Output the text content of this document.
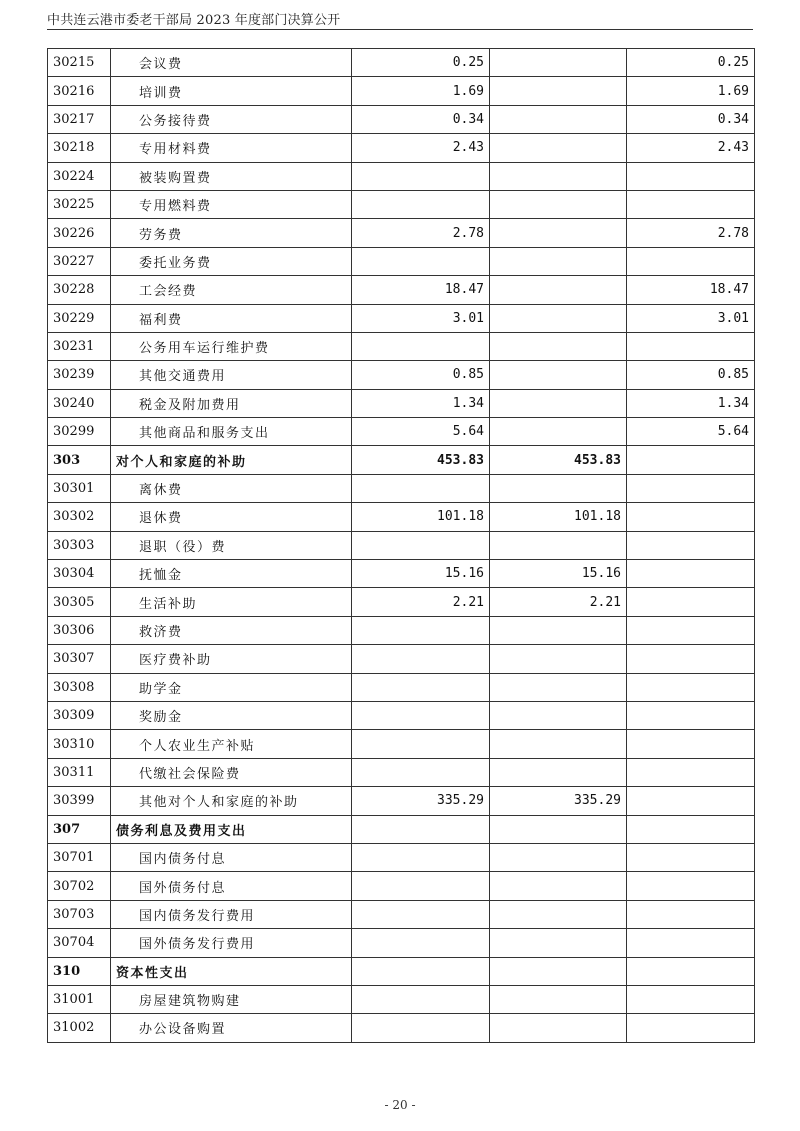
中共连云港市委老干部局 2023 年度部门决算公开
30215	会议费	0.25		0.25
30216	培训费	1.69		1.69
30217	公务接待费	0.34		0.34
30218	专用材料费	2.43		2.43
30224	被装购置费			
30225	专用燃料费			
30226	劳务费	2.78		2.78
30227	委托业务费			
30228	工会经费	18.47		18.47
30229	福利费	3.01		3.01
30231	公务用车运行维护费			
30239	其他交通费用	0.85		0.85
30240	税金及附加费用	1.34		1.34
30299	其他商品和服务支出	5.64		5.64
303	对个人和家庭的补助	453.83	453.83	
30301	离休费			
30302	退休费	101.18	101.18	
30303	退职（役）费			
30304	抚恤金	15.16	15.16	
30305	生活补助	2.21	2.21	
30306	救济费			
30307	医疗费补助			
30308	助学金			
30309	奖励金			
30310	个人农业生产补贴			
30311	代缴社会保险费			
30399	其他对个人和家庭的补助	335.29	335.29	
307	债务利息及费用支出			
30701	国内债务付息			
30702	国外债务付息			
30703	国内债务发行费用			
30704	国外债务发行费用			
310	资本性支出			
31001	房屋建筑物购建			
31002	办公设备购置			
- 20 -
